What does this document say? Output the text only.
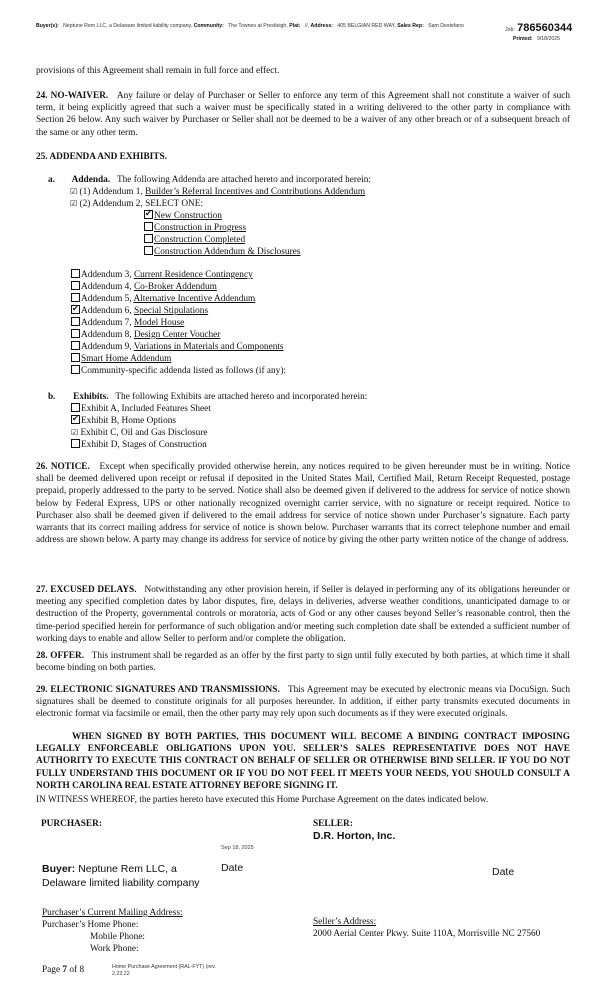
Buyer(s): Neptune Rem LLC, a Delaware limited liability company, Community: The Townes at Prestleigh, Plat: //, Address: 405 BELGIAN RED WAY, Sales Rep: Sam Destefano
Job: 786560344
Printed: 9/18/2025
provisions of this Agreement shall remain in full force and effect.
24. NO-WAIVER. Any failure or delay of Purchaser or Seller to enforce any term of this Agreement shall not constitute a waiver of such term, it being explicitly agreed that such a waiver must be specifically stated in a writing delivered to the other party in compliance with Section 26 below. Any such waiver by Purchaser or Seller shall not be deemed to be a waiver of any other breach or of a subsequent breach of the same or any other term.
25. ADDENDA AND EXHIBITS.
a. Addenda. The following Addenda are attached hereto and incorporated herein:
☑ (1) Addendum 1, Builder’s Referral Incentives and Contributions Addendum
☑ (2) Addendum 2, SELECT ONE:
✔New Construction
Construction in Progress
Construction Completed
Construction Addendum & Disclosures
Addendum 3, Current Residence Contingency
Addendum 4, Co-Broker Addendum
Addendum 5, Alternative Incentive Addendum
✔Addendum 6, Special Stipulations
Addendum 7, Model House
Addendum 8, Design Center Voucher
Addendum 9, Variations in Materials and Components
Smart Home Addendum
Community-specific addenda listed as follows (if any):
b. Exhibits. The following Exhibits are attached hereto and incorporated herein:
Exhibit A, Included Features Sheet
✔Exhibit B, Home Options
☑ Exhibit C, Oil and Gas Disclosure
Exhibit D, Stages of Construction
26. NOTICE. Except when specifically provided otherwise herein, any notices required to be given hereunder must be in writing. Notice shall be deemed delivered upon receipt or refusal if deposited in the United States Mail, Certified Mail, Return Receipt Requested, postage prepaid, properly addressed to the party to be served. Notice shall also be deemed given if delivered to the address for service of notice shown below by Federal Express, UPS or other nationally recognized overnight carrier service, with no signature or receipt required. Notice to Purchaser also shall be deemed given if delivered to the email address for service of notice shown under Purchaser’s signature. Each party warrants that its correct mailing address for service of notice is shown below. Purchaser warrants that its correct telephone number and email address are shown below. A party may change its address for service of notice by giving the other party written notice of the change of address.
27. EXCUSED DELAYS. Notwithstanding any other provision herein, if Seller is delayed in performing any of its obligations hereunder or meeting any specified completion dates by labor disputes, fire, delays in deliveries, adverse weather conditions, unanticipated damage to or destruction of the Property, governmental controls or moratoria, acts of God or any other causes beyond Seller’s reasonable control, then the time-period specified herein for performance of such obligation and/or meeting such completion date shall be extended a sufficient number of working days to enable and allow Seller to perform and/or complete the obligation.
28. OFFER. This instrument shall be regarded as an offer by the first party to sign until fully executed by both parties, at which time it shall become binding on both parties.
29. ELECTRONIC SIGNATURES AND TRANSMISSIONS. This Agreement may be executed by electronic means via DocuSign. Such signatures shall be deemed to constitute originals for all purposes hereunder. In addition, if either party transmits executed documents in electronic format via facsimile or email, then the other party may rely upon such documents as if they were executed originals.
WHEN SIGNED BY BOTH PARTIES, THIS DOCUMENT WILL BECOME A BINDING CONTRACT IMPOSING LEGALLY ENFORCEABLE OBLIGATIONS UPON YOU. SELLER’S SALES REPRESENTATIVE DOES NOT HAVE AUTHORITY TO EXECUTE THIS CONTRACT ON BEHALF OF SELLER OR OTHERWISE BIND SELLER. IF YOU DO NOT FULLY UNDERSTAND THIS DOCUMENT OR IF YOU DO NOT FEEL IT MEETS YOUR NEEDS, YOU SHOULD CONSULT A NORTH CAROLINA REAL ESTATE ATTORNEY BEFORE SIGNING IT.
IN WITNESS WHEREOF, the parties hereto have executed this Home Purchase Agreement on the dates indicated below.
PURCHASER:
Sep 18, 2025
Buyer: Neptune Rem LLC, a
Delaware limited liability company
Date
SELLER:
D.R. Horton, Inc.
Date
Purchaser’s Current Mailing Address:
Purchaser’s Home Phone:
Mobile Phone:
Work Phone:
Seller’s Address:
2000 Aerial Center Pkwy. Suite 110A, Morrisville NC 27560
Page 7 of 8	Home Purchase Agreement (RAL-FYT) (rev.
2.23.22
